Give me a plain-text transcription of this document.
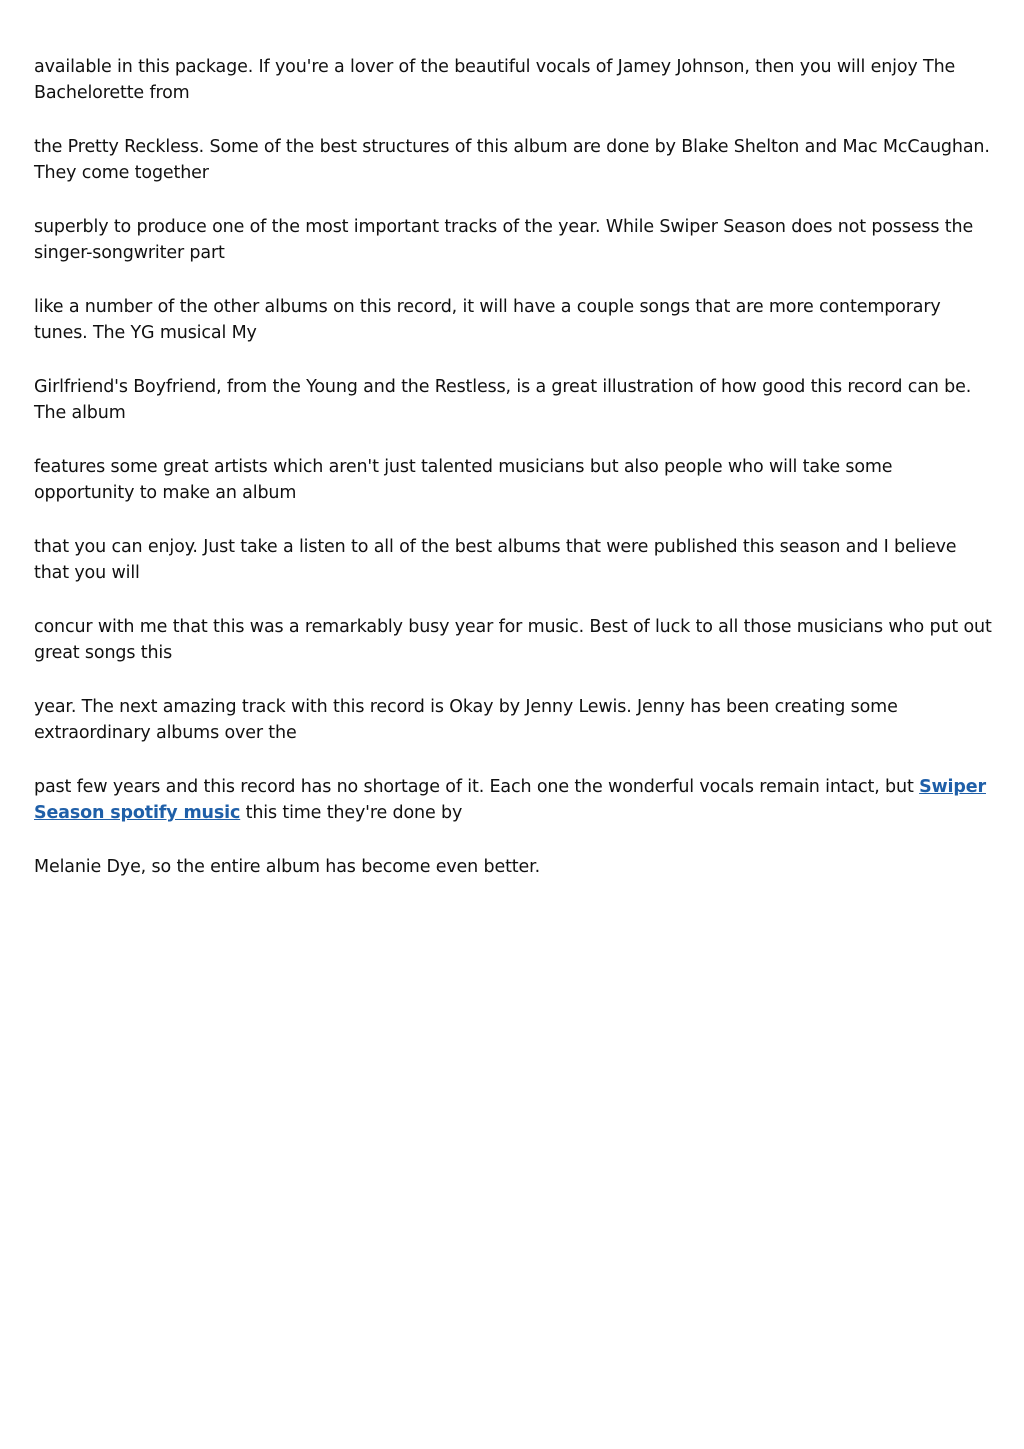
available in this package. If you're a lover of the beautiful vocals of Jamey Johnson, then you will enjoy The Bachelorette from

the Pretty Reckless. Some of the best structures of this album are done by Blake Shelton and Mac McCaughan. They come together

superbly to produce one of the most important tracks of the year. While Swiper Season does not possess the singer-songwriter part

like a number of the other albums on this record, it will have a couple songs that are more contemporary tunes. The YG musical My

Girlfriend's Boyfriend, from the Young and the Restless, is a great illustration of how good this record can be. The album

features some great artists which aren't just talented musicians but also people who will take some opportunity to make an album

that you can enjoy. Just take a listen to all of the best albums that were published this season and I believe that you will

concur with me that this was a remarkably busy year for music. Best of luck to all those musicians who put out great songs this

year. The next amazing track with this record is Okay by Jenny Lewis. Jenny has been creating some extraordinary albums over the

past few years and this record has no shortage of it. Each one the wonderful vocals remain intact, but Swiper Season spotify music this time they're done by

Melanie Dye, so the entire album has become even better.
